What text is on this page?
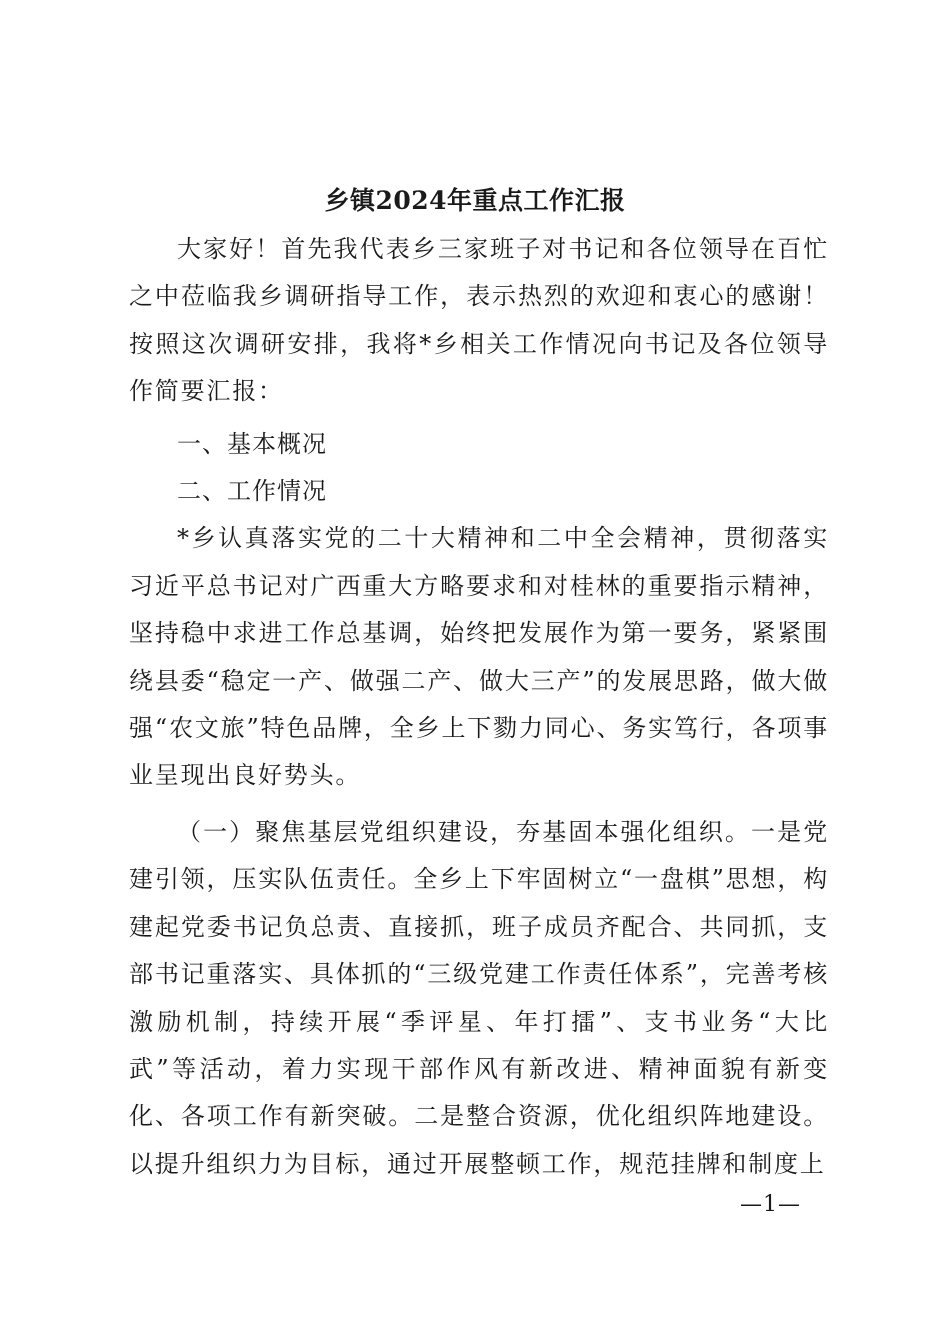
乡镇2024年重点工作汇报

大家好！首先我代表乡三家班子对书记和各位领导在百忙之中莅临我乡调研指导工作，表示热烈的欢迎和衷心的感谢！按照这次调研安排，我将*乡相关工作情况向书记及各位领导作简要汇报：

一、基本概况

二、工作情况

*乡认真落实党的二十大精神和二中全会精神，贯彻落实习近平总书记对广西重大方略要求和对桂林的重要指示精神，坚持稳中求进工作总基调，始终把发展作为第一要务，紧紧围绕县委“稳定一产、做强二产、做大三产”的发展思路，做大做强“农文旅”特色品牌，全乡上下勠力同心、务实笃行，各项事业呈现出良好势头。

（一）聚焦基层党组织建设，夯基固本强化组织。一是党建引领，压实队伍责任。全乡上下牢固树立“一盘棋”思想，构建起党委书记负总责、直接抓，班子成员齐配合、共同抓，支部书记重落实、具体抓的“三级党建工作责任体系”，完善考核激励机制，持续开展“季评星、年打擂”、支书业务“大比武”等活动，着力实现干部作风有新改进、精神面貌有新变化、各项工作有新突破。二是整合资源，优化组织阵地建设。以提升组织力为目标，通过开展整顿工作，规范挂牌和制度上

—1—
